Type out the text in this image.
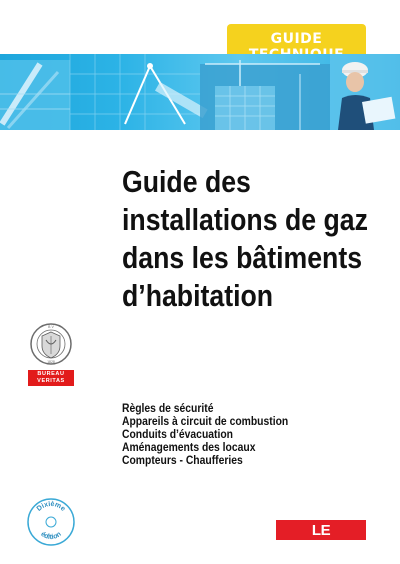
GUIDE
Guide des
installations de gaz
dans les bâtiments
d’habitation
B V
1828
BUREAU
VERITAS
Règles de sécurité
Appareils à circuit de combustion
Conduits d’évacuation
Aménagements des locaux
Compteurs - Chaufferies
Dixième
édition	LE MONITEUR
